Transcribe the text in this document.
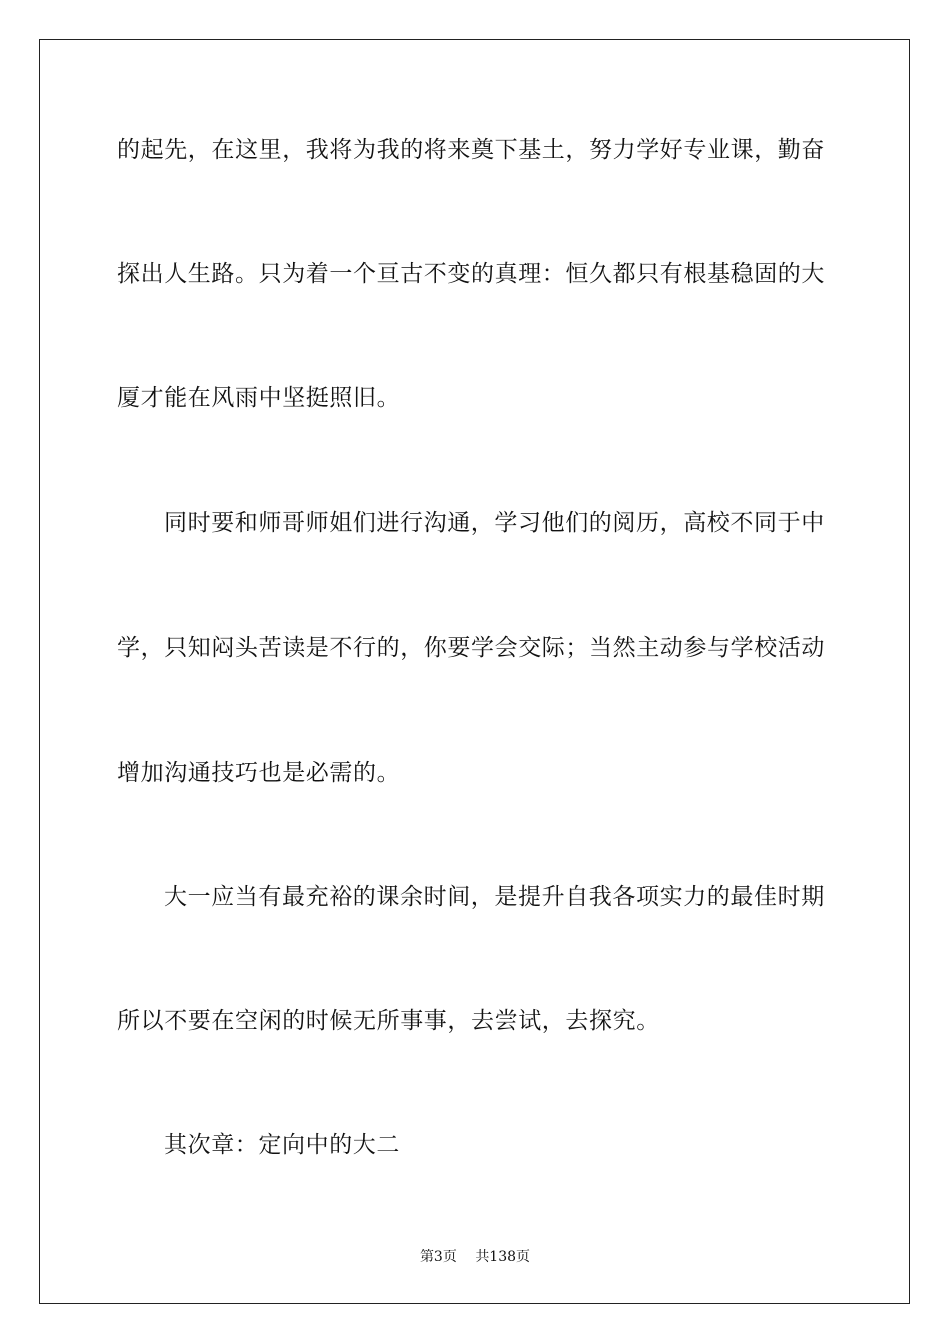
的起先，在这里，我将为我的将来奠下基土，努力学好专业课，勤奋
探出人生路。只为着一个亘古不变的真理：恒久都只有根基稳固的大
厦才能在风雨中坚挺照旧。
同时要和师哥师姐们进行沟通，学习他们的阅历，高校不同于中
学，只知闷头苦读是不行的，你要学会交际；当然主动参与学校活动
增加沟通技巧也是必需的。
大一应当有最充裕的课余时间，是提升自我各项实力的最佳时期
所以不要在空闲的时候无所事事，去尝试，去探究。
其次章：定向中的大二
第3页 共138页
